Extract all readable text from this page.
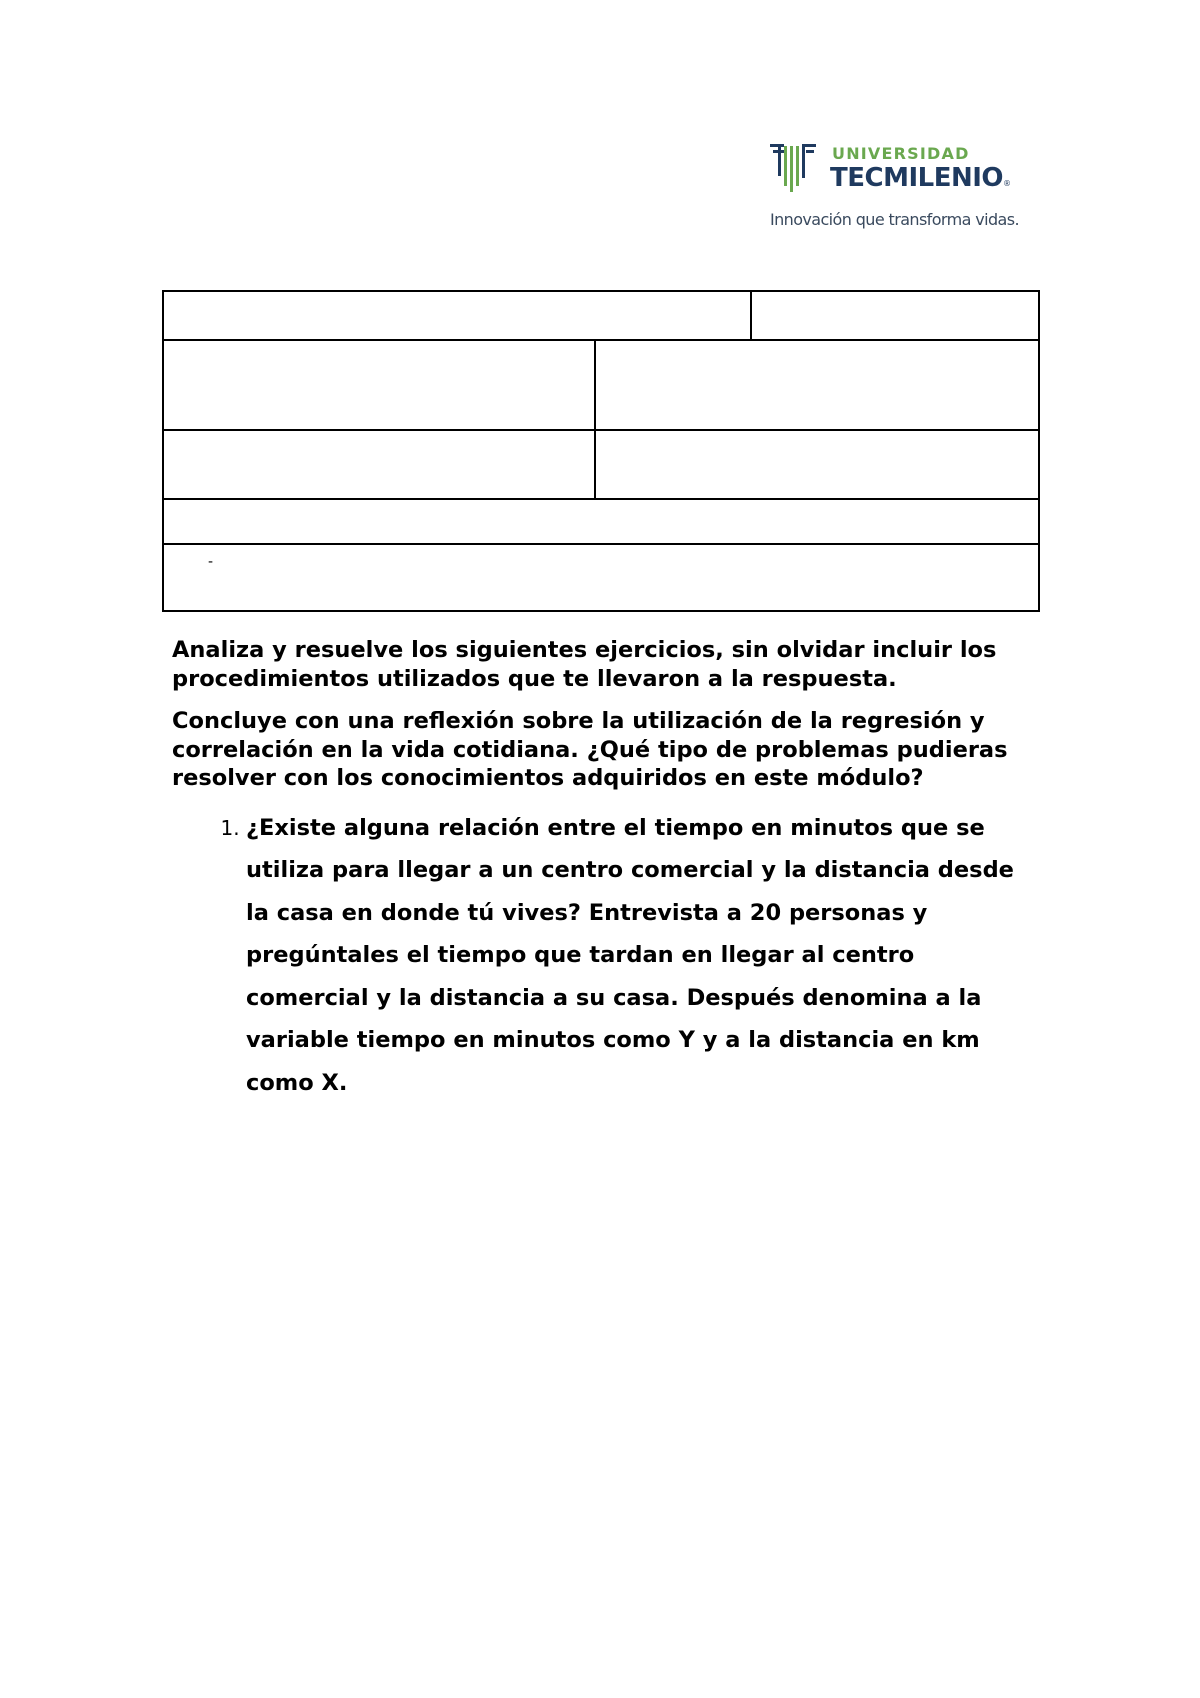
UNIVERSIDAD
TECMILENIO®
Innovación que transforma vidas.
-

Analiza y resuelve los siguientes ejercicios, sin olvidar incluir los procedimientos utilizados que te llevaron a la respuesta.

Concluye con una reflexión sobre la utilización de la regresión y correlación en la vida cotidiana. ¿Qué tipo de problemas pudieras resolver con los conocimientos adquiridos en este módulo?

1. ¿Existe alguna relación entre el tiempo en minutos que se utiliza para llegar a un centro comercial y la distancia desde la casa en donde tú vives? Entrevista a 20 personas y pregúntales el tiempo que tardan en llegar al centro comercial y la distancia a su casa. Después denomina a la variable tiempo en minutos como Y y a la distancia en km como X.
